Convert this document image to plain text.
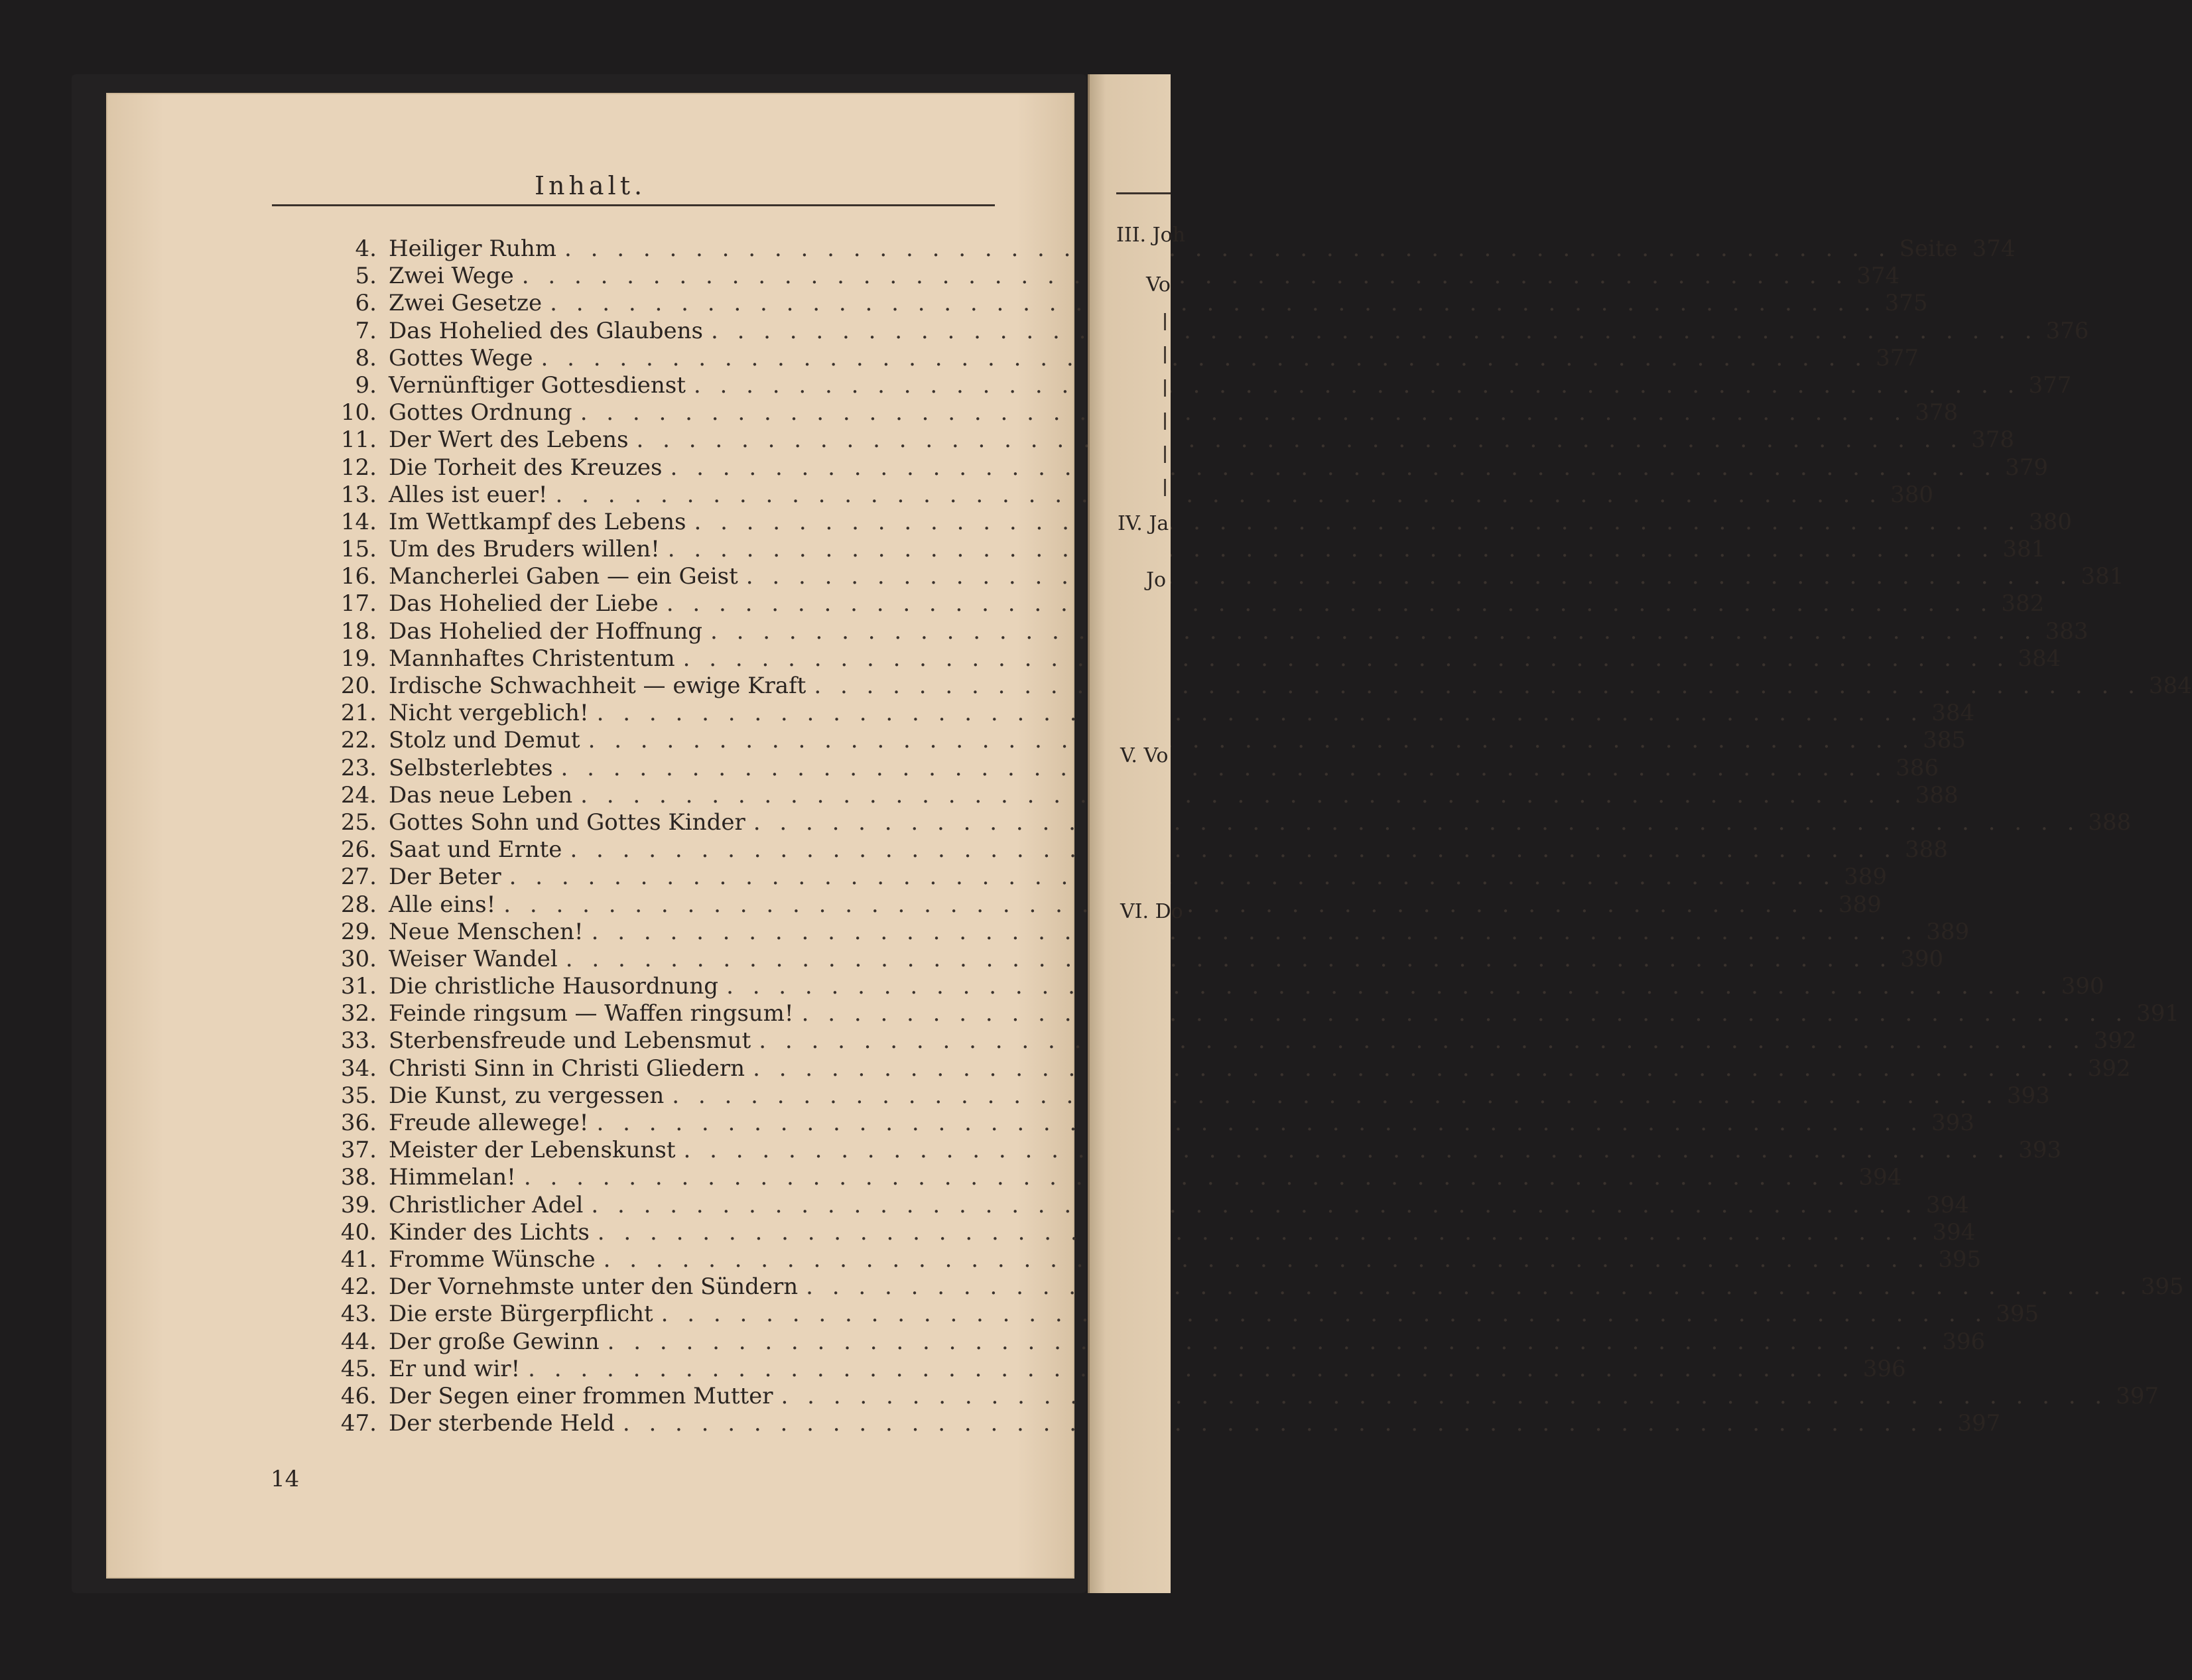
Inhalt.
4. Heiliger Ruhm . . .	Seite 374
5. Zwei Wege . . .	374
6. Zwei Gesetze . . .	375
7. Das Hohelied des Glaubens . . .	376
8. Gottes Wege . . .	377
9. Vernünftiger Gottesdienst . . .	377
10. Gottes Ordnung . . .	378
11. Der Wert des Lebens . . .	378
12. Die Torheit des Kreuzes . . .	379
13. Alles ist euer! . . .	380
14. Im Wettkampf des Lebens . . .	380
15. Um des Bruders willen! . . .	381
16. Mancherlei Gaben — ein Geist . . .	381
17. Das Hohelied der Liebe . . .	382
18. Das Hohelied der Hoffnung . . .	383
19. Mannhaftes Christentum . . .	384
20. Irdische Schwachheit — ewige Kraft . . .	384
21. Nicht vergeblich! . . .	384
22. Stolz und Demut . . .	385
23. Selbsterlebtes . . .	386
24. Das neue Leben . . .	388
25. Gottes Sohn und Gottes Kinder . . .	388
26. Saat und Ernte . . .	388
27. Der Beter . . .	389
28. Alle eins! . . .	389
29. Neue Menschen! . . .	389
30. Weiser Wandel . . .	390
31. Die christliche Hausordnung . . .	390
32. Feinde ringsum — Waffen ringsum! . . .	391
33. Sterbensfreude und Lebensmut . . .	392
34. Christi Sinn in Christi Gliedern . . .	392
35. Die Kunst, zu vergessen . . .	393
36. Freude allewege! . . .	393
37. Meister der Lebenskunst . . .	393
38. Himmelan! . . .	394
39. Christlicher Adel . . .	394
40. Kinder des Lichts . . .	394
41. Fromme Wünsche . . .	395
42. Der Vornehmste unter den Sündern . . .	395
43. Die erste Bürgerpflicht . . .	395
44. Der große Gewinn . . .	396
45. Er und wir! . . .	396
46. Der Segen einer frommen Mutter . . .	397
47. Der sterbende Held . . .	397
14
III. Joh
Vo
IV. Ja
Jo
V. Vo
VI. Do
